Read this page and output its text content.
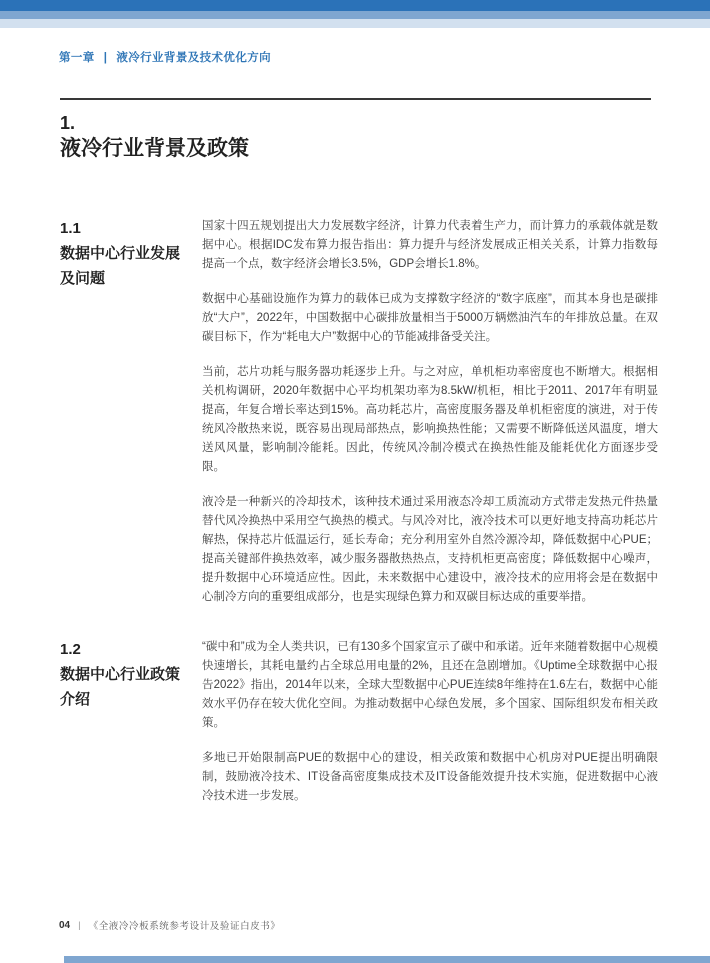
第一章 | 液冷行业背景及技术优化方向
1.
液冷行业背景及政策
1.1
数据中心行业发展及问题

国家十四五规划提出大力发展数字经济，计算力代表着生产力，而计算力的承载体就是数据中心。根据IDC发布算力报告指出：算力提升与经济发展成正相关关系，计算力指数每提高一个点，数字经济会增长3.5%，GDP会增长1.8%。

数据中心基础设施作为算力的载体已成为支撑数字经济的“数字底座”，而其本身也是碳排放“大户”，2022年，中国数据中心碳排放量相当于5000万辆燃油汽车的年排放总量。在双碳目标下，作为“耗电大户”数据中心的节能减排备受关注。

当前，芯片功耗与服务器功耗逐步上升。与之对应，单机柜功率密度也不断增大。根据相关机构调研，2020年数据中心平均机架功率为8.5kW/机柜，相比于2011、2017年有明显提高，年复合增长率达到15%。高功耗芯片，高密度服务器及单机柜密度的演进，对于传统风冷散热来说，既容易出现局部热点，影响换热性能；又需要不断降低送风温度，增大送风风量，影响制冷能耗。因此，传统风冷制冷模式在换热性能及能耗优化方面逐步受限。

液冷是一种新兴的冷却技术，该种技术通过采用液态冷却工质流动方式带走发热元件热量替代风冷换热中采用空气换热的模式。与风冷对比，液冷技术可以更好地支持高功耗芯片解热，保持芯片低温运行，延长寿命；充分利用室外自然冷源冷却，降低数据中心PUE；提高关键部件换热效率，减少服务器散热热点，支持机柜更高密度；降低数据中心噪声，提升数据中心环境适应性。因此，未来数据中心建设中，液冷技术的应用将会是在数据中心制冷方向的重要组成部分，也是实现绿色算力和双碳目标达成的重要举措。

1.2
数据中心行业政策介绍

“碳中和”成为全人类共识，已有130多个国家宣示了碳中和承诺。近年来随着数据中心规模快速增长，其耗电量约占全球总用电量的2%，且还在急剧增加。《Uptime全球数据中心报告2022》指出，2014年以来，全球大型数据中心PUE连续8年维持在1.6左右，数据中心能效水平仍存在较大优化空间。为推动数据中心绿色发展，多个国家、国际组织发布相关政策。

多地已开始限制高PUE的数据中心的建设，相关政策和数据中心机房对PUE提出明确限制，鼓励液冷技术、IT设备高密度集成技术及IT设备能效提升技术实施，促进数据中心液冷技术进一步发展。

04 | 《全液冷冷板系统参考设计及验证白皮书》
